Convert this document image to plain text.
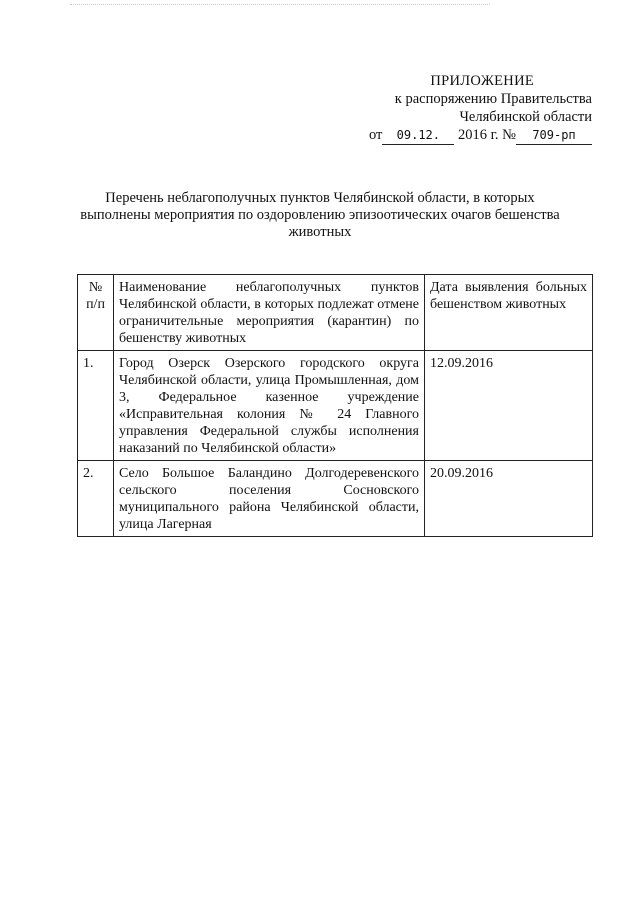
ПРИЛОЖЕНИЕ
к распоряжению Правительства
Челябинской области
от 09.12. 2016 г. № 709-рп
Перечень неблагополучных пунктов Челябинской области, в которых выполнены мероприятия по оздоровлению эпизоотических очагов бешенства животных
№ п/п	Наименование неблагополучных пунктов Челябинской области, в которых подлежат отмене ограничительные мероприятия (карантин) по бешенству животных	Дата выявления больных бешенством животных
1.	Город Озерск Озерского городского округа Челябинской области, улица Промышленная, дом 3, Федеральное казенное учреждение «Исправительная колония № 24 Главного управления Федеральной службы исполнения наказаний по Челябинской области»	12.09.2016
2.	Село Большое Баландино Долгодеревенского сельского поселения Сосновского муниципального района Челябинской области, улица Лагерная	20.09.2016
